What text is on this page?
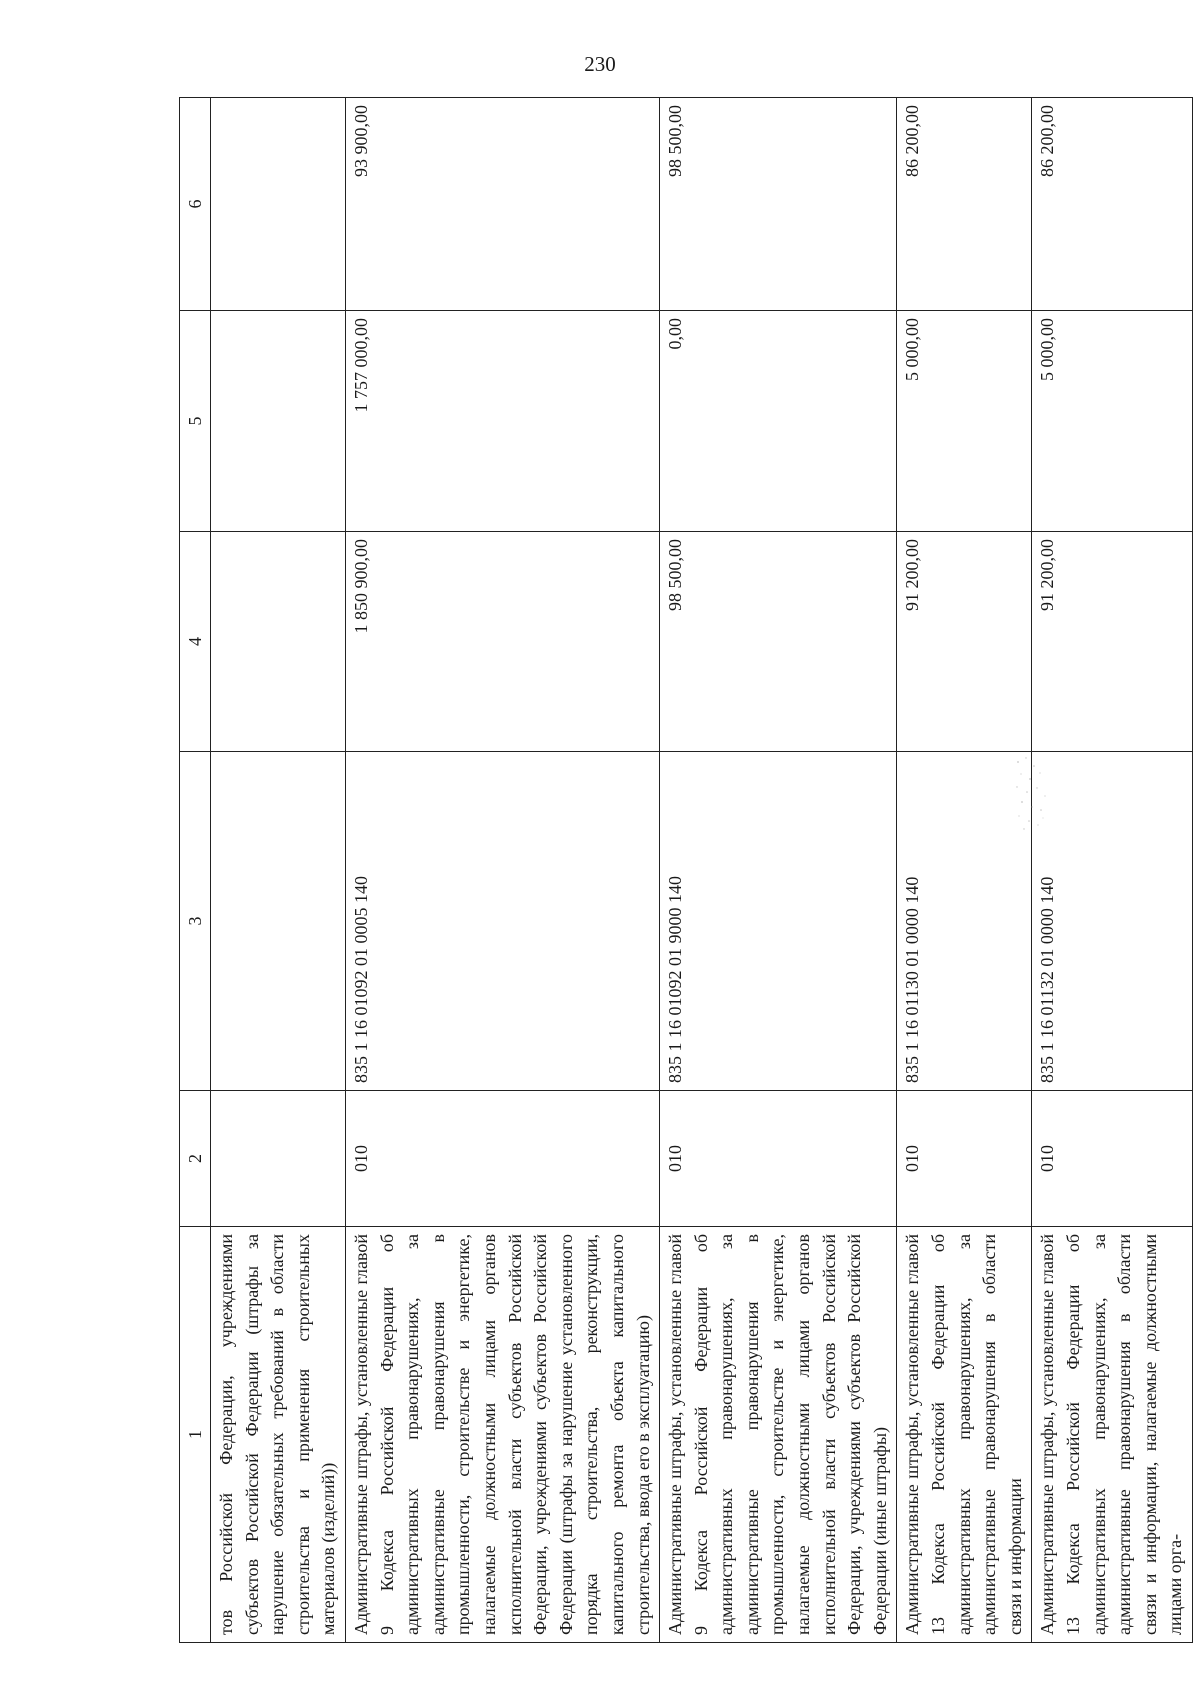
230
1	2	3	4	5	6
тов Российской Федерации, учреждениями субъектов Российской Федерации (штрафы за нарушение обязательных требований в области строительства и применения строительных материалов (изделий))					
Административные штрафы, установленные главой 9 Кодекса Российской Федерации об административных правонарушениях, за административные правонарушения в промышленности, строительстве и энергетике, налагаемые должностными лицами органов исполнительной власти субъектов Российской Федерации, учреждениями субъектов Российской Федерации (штрафы за нарушение установленного порядка строительства, реконструкции, капитального ремонта объекта капитального строительства, ввода его в эксплуатацию)	010	835 1 16 01092 01 0005 140	1 850 900,00	1 757 000,00	93 900,00
Административные штрафы, установленные главой 9 Кодекса Российской Федерации об административных правонарушениях, за административные правонарушения в промышленности, строительстве и энергетике, налагаемые должностными лицами органов исполнительной власти субъектов Российской Федерации, учреждениями субъектов Российской Федерации (иные штрафы)	010	835 1 16 01092 01 9000 140	98 500,00	0,00	98 500,00
Административные штрафы, установленные главой 13 Кодекса Российской Федерации об административных правонарушениях, за административные правонарушения в области связи и информации	010	835 1 16 01130 01 0000 140	91 200,00	5 000,00	86 200,00
Административные штрафы, установленные главой 13 Кодекса Российской Федерации об административных правонарушениях, за административные правонарушения в области связи и информации, налагаемые должностными лицами орга-	010	835 1 16 01132 01 0000 140	91 200,00	5 000,00	86 200,00
